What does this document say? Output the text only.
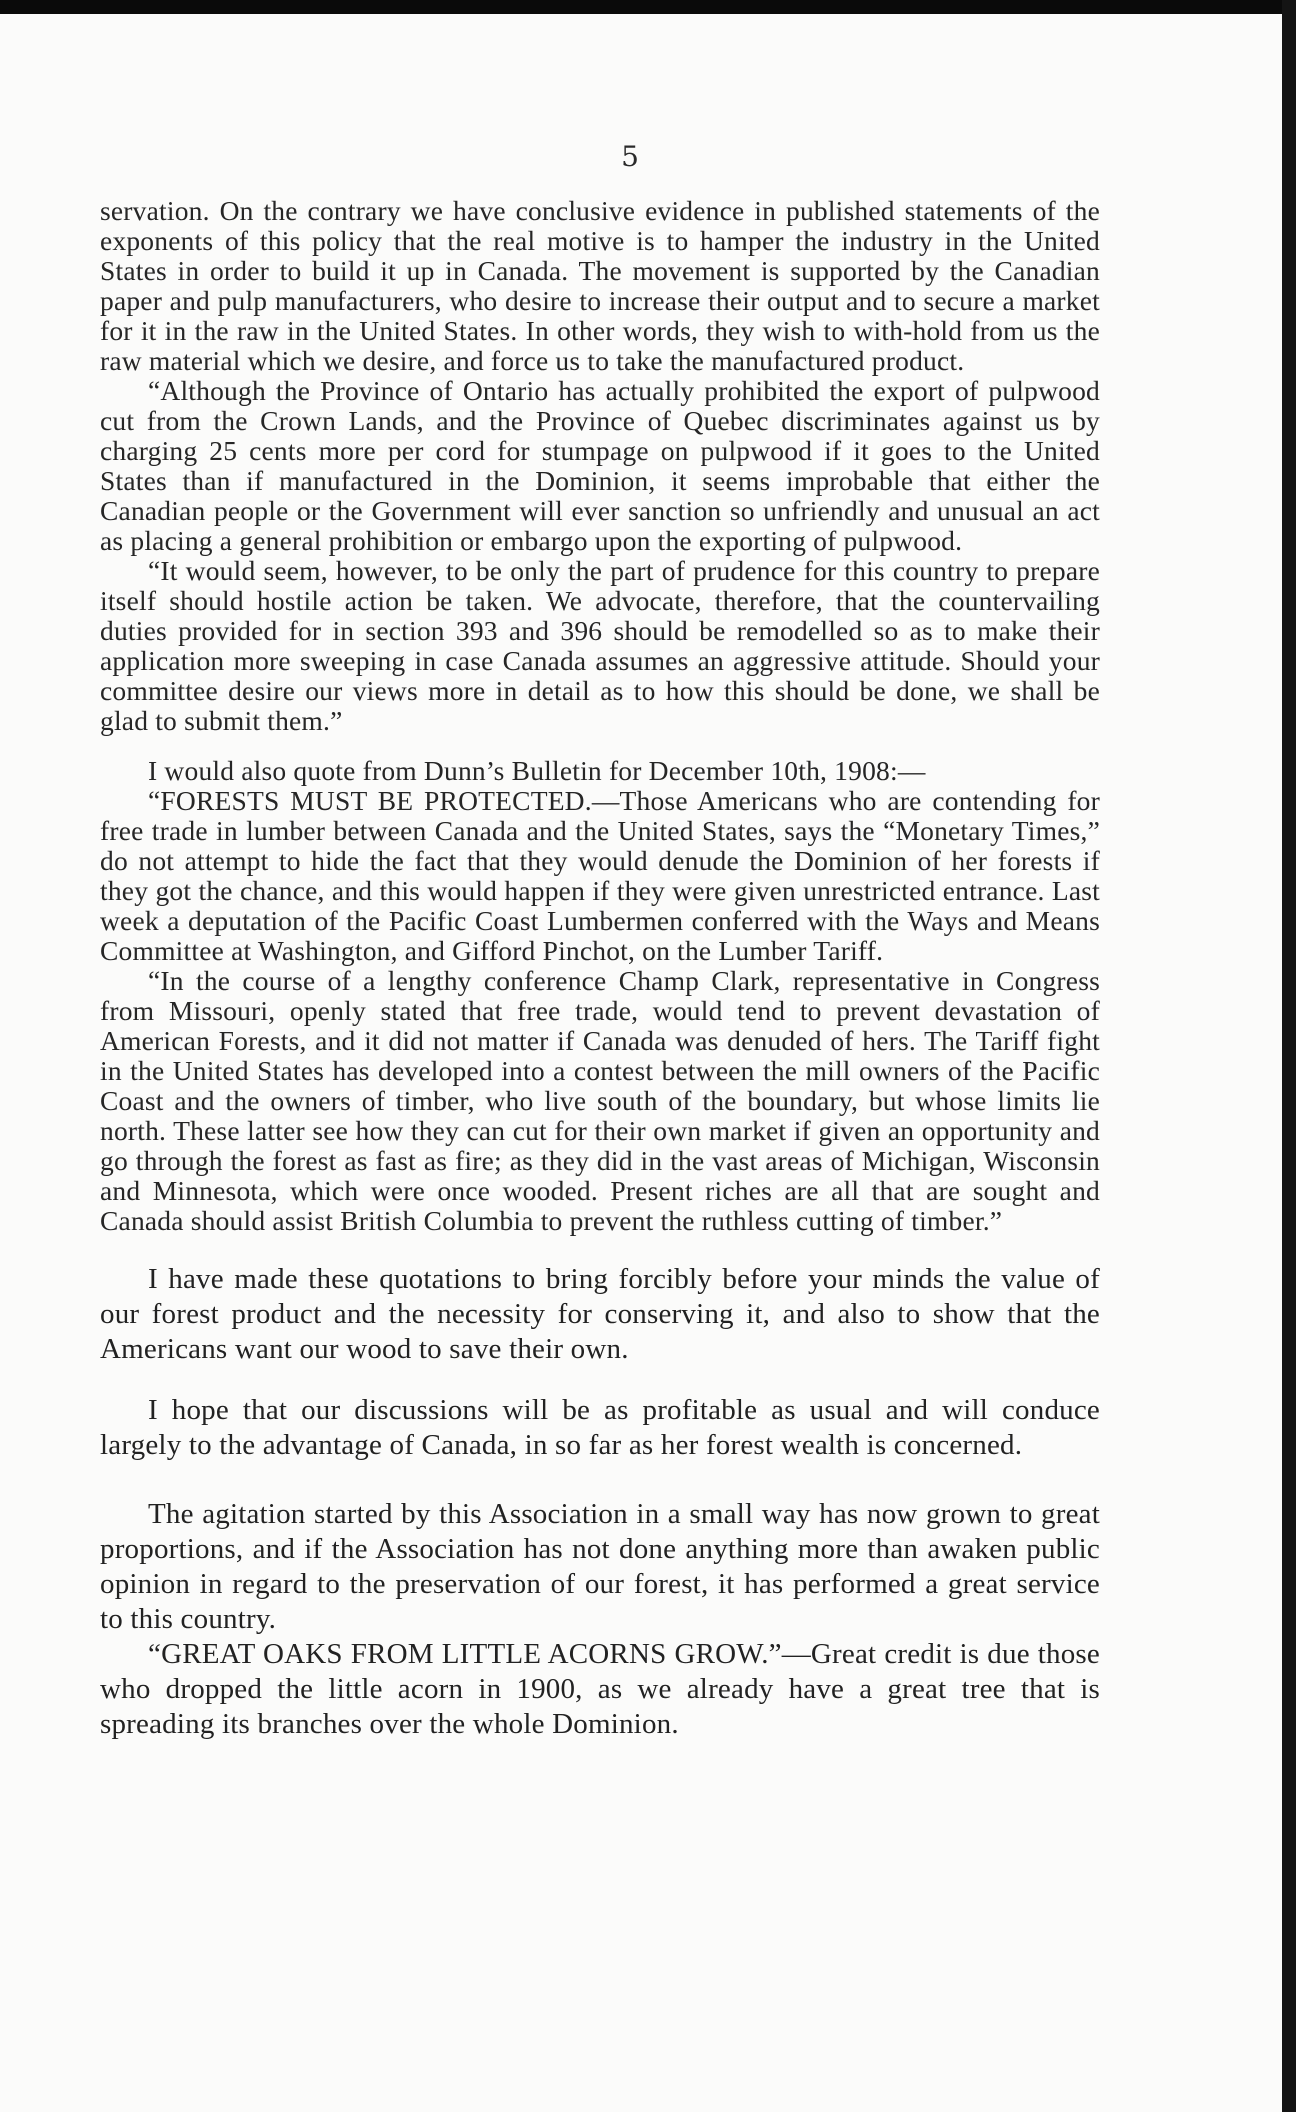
5

servation. On the contrary we have conclusive evidence in published statements of the exponents of this policy that the real motive is to hamper the industry in the United States in order to build it up in Canada. The movement is supported by the Canadian paper and pulp manufacturers, who desire to increase their output and to secure a market for it in the raw in the United States. In other words, they wish to with-hold from us the raw material which we desire, and force us to take the manufactured product.

“Although the Province of Ontario has actually prohibited the export of pulpwood cut from the Crown Lands, and the Province of Quebec discriminates against us by charging 25 cents more per cord for stumpage on pulpwood if it goes to the United States than if manufactured in the Dominion, it seems improbable that either the Canadian people or the Government will ever sanction so unfriendly and unusual an act as placing a general prohibition or embargo upon the exporting of pulpwood.

“It would seem, however, to be only the part of prudence for this country to prepare itself should hostile action be taken. We advocate, therefore, that the countervailing duties provided for in section 393 and 396 should be remodelled so as to make their application more sweeping in case Canada assumes an aggressive attitude. Should your committee desire our views more in detail as to how this should be done, we shall be glad to submit them.”

I would also quote from Dunn’s Bulletin for December 10th, 1908:—

“FORESTS MUST BE PROTECTED.—Those Americans who are contending for free trade in lumber between Canada and the United States, says the “Monetary Times,” do not attempt to hide the fact that they would denude the Dominion of her forests if they got the chance, and this would happen if they were given unrestricted entrance. Last week a deputation of the Pacific Coast Lumbermen conferred with the Ways and Means Committee at Washington, and Gifford Pinchot, on the Lumber Tariff.

“In the course of a lengthy conference Champ Clark, representative in Congress from Missouri, openly stated that free trade, would tend to prevent devastation of American Forests, and it did not matter if Canada was denuded of hers. The Tariff fight in the United States has developed into a contest between the mill owners of the Pacific Coast and the owners of timber, who live south of the boundary, but whose limits lie north. These latter see how they can cut for their own market if given an opportunity and go through the forest as fast as fire; as they did in the vast areas of Michigan, Wisconsin and Minnesota, which were once wooded. Present riches are all that are sought and Canada should assist British Columbia to prevent the ruthless cutting of timber.”

I have made these quotations to bring forcibly before your minds the value of our forest product and the necessity for conserving it, and also to show that the Americans want our wood to save their own.

I hope that our discussions will be as profitable as usual and will conduce largely to the advantage of Canada, in so far as her forest wealth is concerned.

The agitation started by this Association in a small way has now grown to great proportions, and if the Association has not done anything more than awaken public opinion in regard to the preservation of our forest, it has performed a great service to this country.

“GREAT OAKS FROM LITTLE ACORNS GROW.”—Great credit is due those who dropped the little acorn in 1900, as we already have a great tree that is spreading its branches over the whole Dominion.
